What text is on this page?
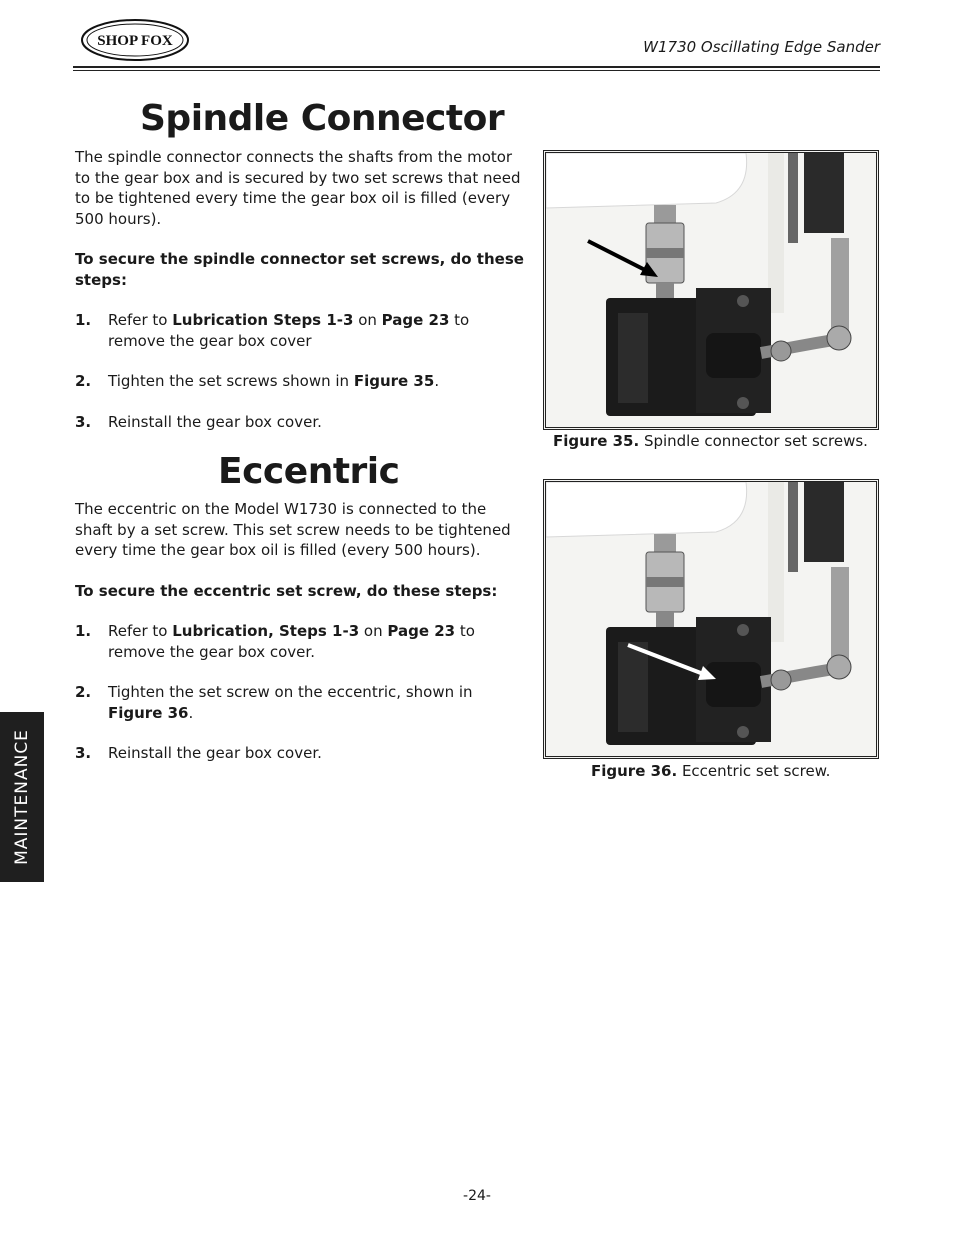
SHOP FOX	W1730 Oscillating Edge Sander
Spindle Connector

The spindle connector connects the shafts from the motor to the gear box and is secured by two set screws that need to be tightened every time the gear box oil is filled (every 500 hours).

To secure the spindle connector set screws, do these steps:

1. Refer to Lubrication Steps 1-3 on Page 23 to remove the gear box cover
2. Tighten the set screws shown in Figure 35.
3. Reinstall the gear box cover.
Figure 35. Spindle connector set screws.
Eccentric

The eccentric on the Model W1730 is connected to the shaft by a set screw. This set screw needs to be tightened every time the gear box oil is filled (every 500 hours).

To secure the eccentric set screw, do these steps:

1. Refer to Lubrication, Steps 1-3 on Page 23 to remove the gear box cover.
2. Tighten the set screw on the eccentric, shown in Figure 36.
3. Reinstall the gear box cover.
Figure 36. Eccentric set screw.
MAINTENANCE
-24-
